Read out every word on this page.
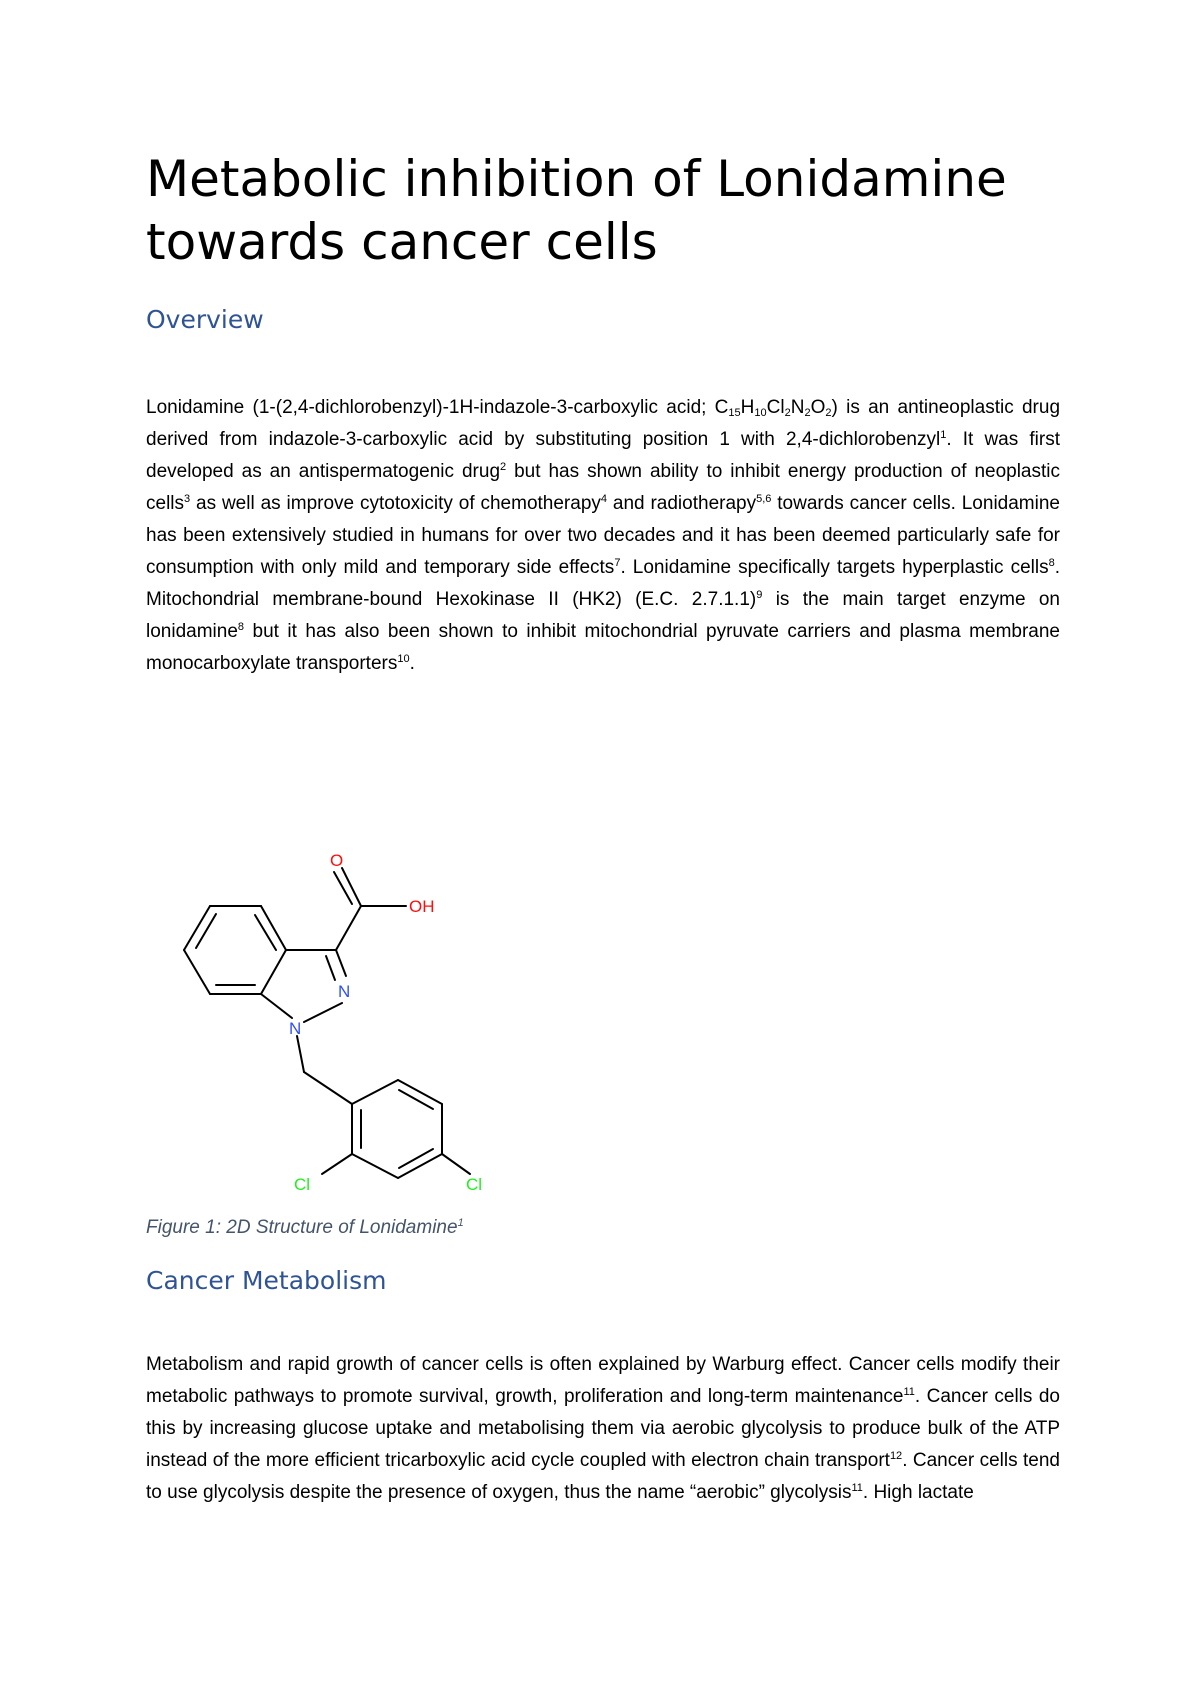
Metabolic inhibition of Lonidamine towards cancer cells
Overview

Lonidamine (1-(2,4-dichlorobenzyl)-1H-indazole-3-carboxylic acid; $C_{15}H_{10}Cl_2N_2O_2$) is an antineoplastic drug derived from indazole-3-carboxylic acid by substituting position 1 with 2,4-dichlorobenzyl$^1$. It was first developed as an antispermatogenic drug$^2$ but has shown ability to inhibit energy production of neoplastic cells$^3$ as well as improve cytotoxicity of chemotherapy$^4$ and radiotherapy$^{5,6}$ towards cancer cells. Lonidamine has been extensively studied in humans for over two decades and it has been deemed particularly safe for consumption with only mild and temporary side effects$^7$. Lonidamine specifically targets hyperplastic cells$^8$. Mitochondrial membrane-bound Hexokinase II (HK2) (E.C. 2.7.1.1)$^9$ is the main target enzyme on lonidamine$^8$ but it has also been shown to inhibit mitochondrial pyruvate carriers and plasma membrane monocarboxylate transporters$^{10}$.

O
OH
N
N
Cl	Cl

Figure 1: 2D Structure of Lonidamine$^1$

Cancer Metabolism

Metabolism and rapid growth of cancer cells is often explained by Warburg effect. Cancer cells modify their metabolic pathways to promote survival, growth, proliferation and long-term maintenance$^{11}$. Cancer cells do this by increasing glucose uptake and metabolising them via aerobic glycolysis to produce bulk of the ATP instead of the more efficient tricarboxylic acid cycle coupled with electron chain transport$^{12}$. Cancer cells tend to use glycolysis despite the presence of oxygen, thus the name “aerobic” glycolysis$^{11}$. High lactate
